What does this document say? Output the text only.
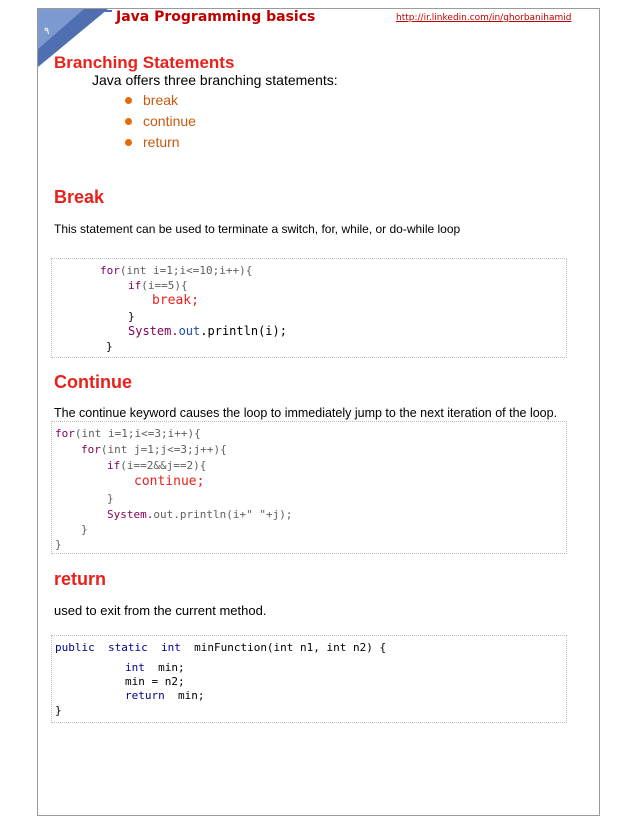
٩
Java Programming basics	http://ir.linkedin.com/in/ghorbanihamid
Branching Statements
Java offers three branching statements:
break
continue
return
Break
This statement can be used to terminate a switch, for, while, or do-while loop
for(int i=1;i<=10;i++){
if(i==5){
break;
}
System.out.println(i);
}
Continue
The continue keyword causes the loop to immediately jump to the next iteration of the loop.
for(int i=1;i<=3;i++){
for(int j=1;j<=3;j++){
if(i==2&&j==2){
continue;
}
System.out.println(i+" "+j);
}
}
return
used to exit from the current method.
public  static  int  minFunction(int n1, int n2) {
int  min;
min = n2;
return  min;
}
